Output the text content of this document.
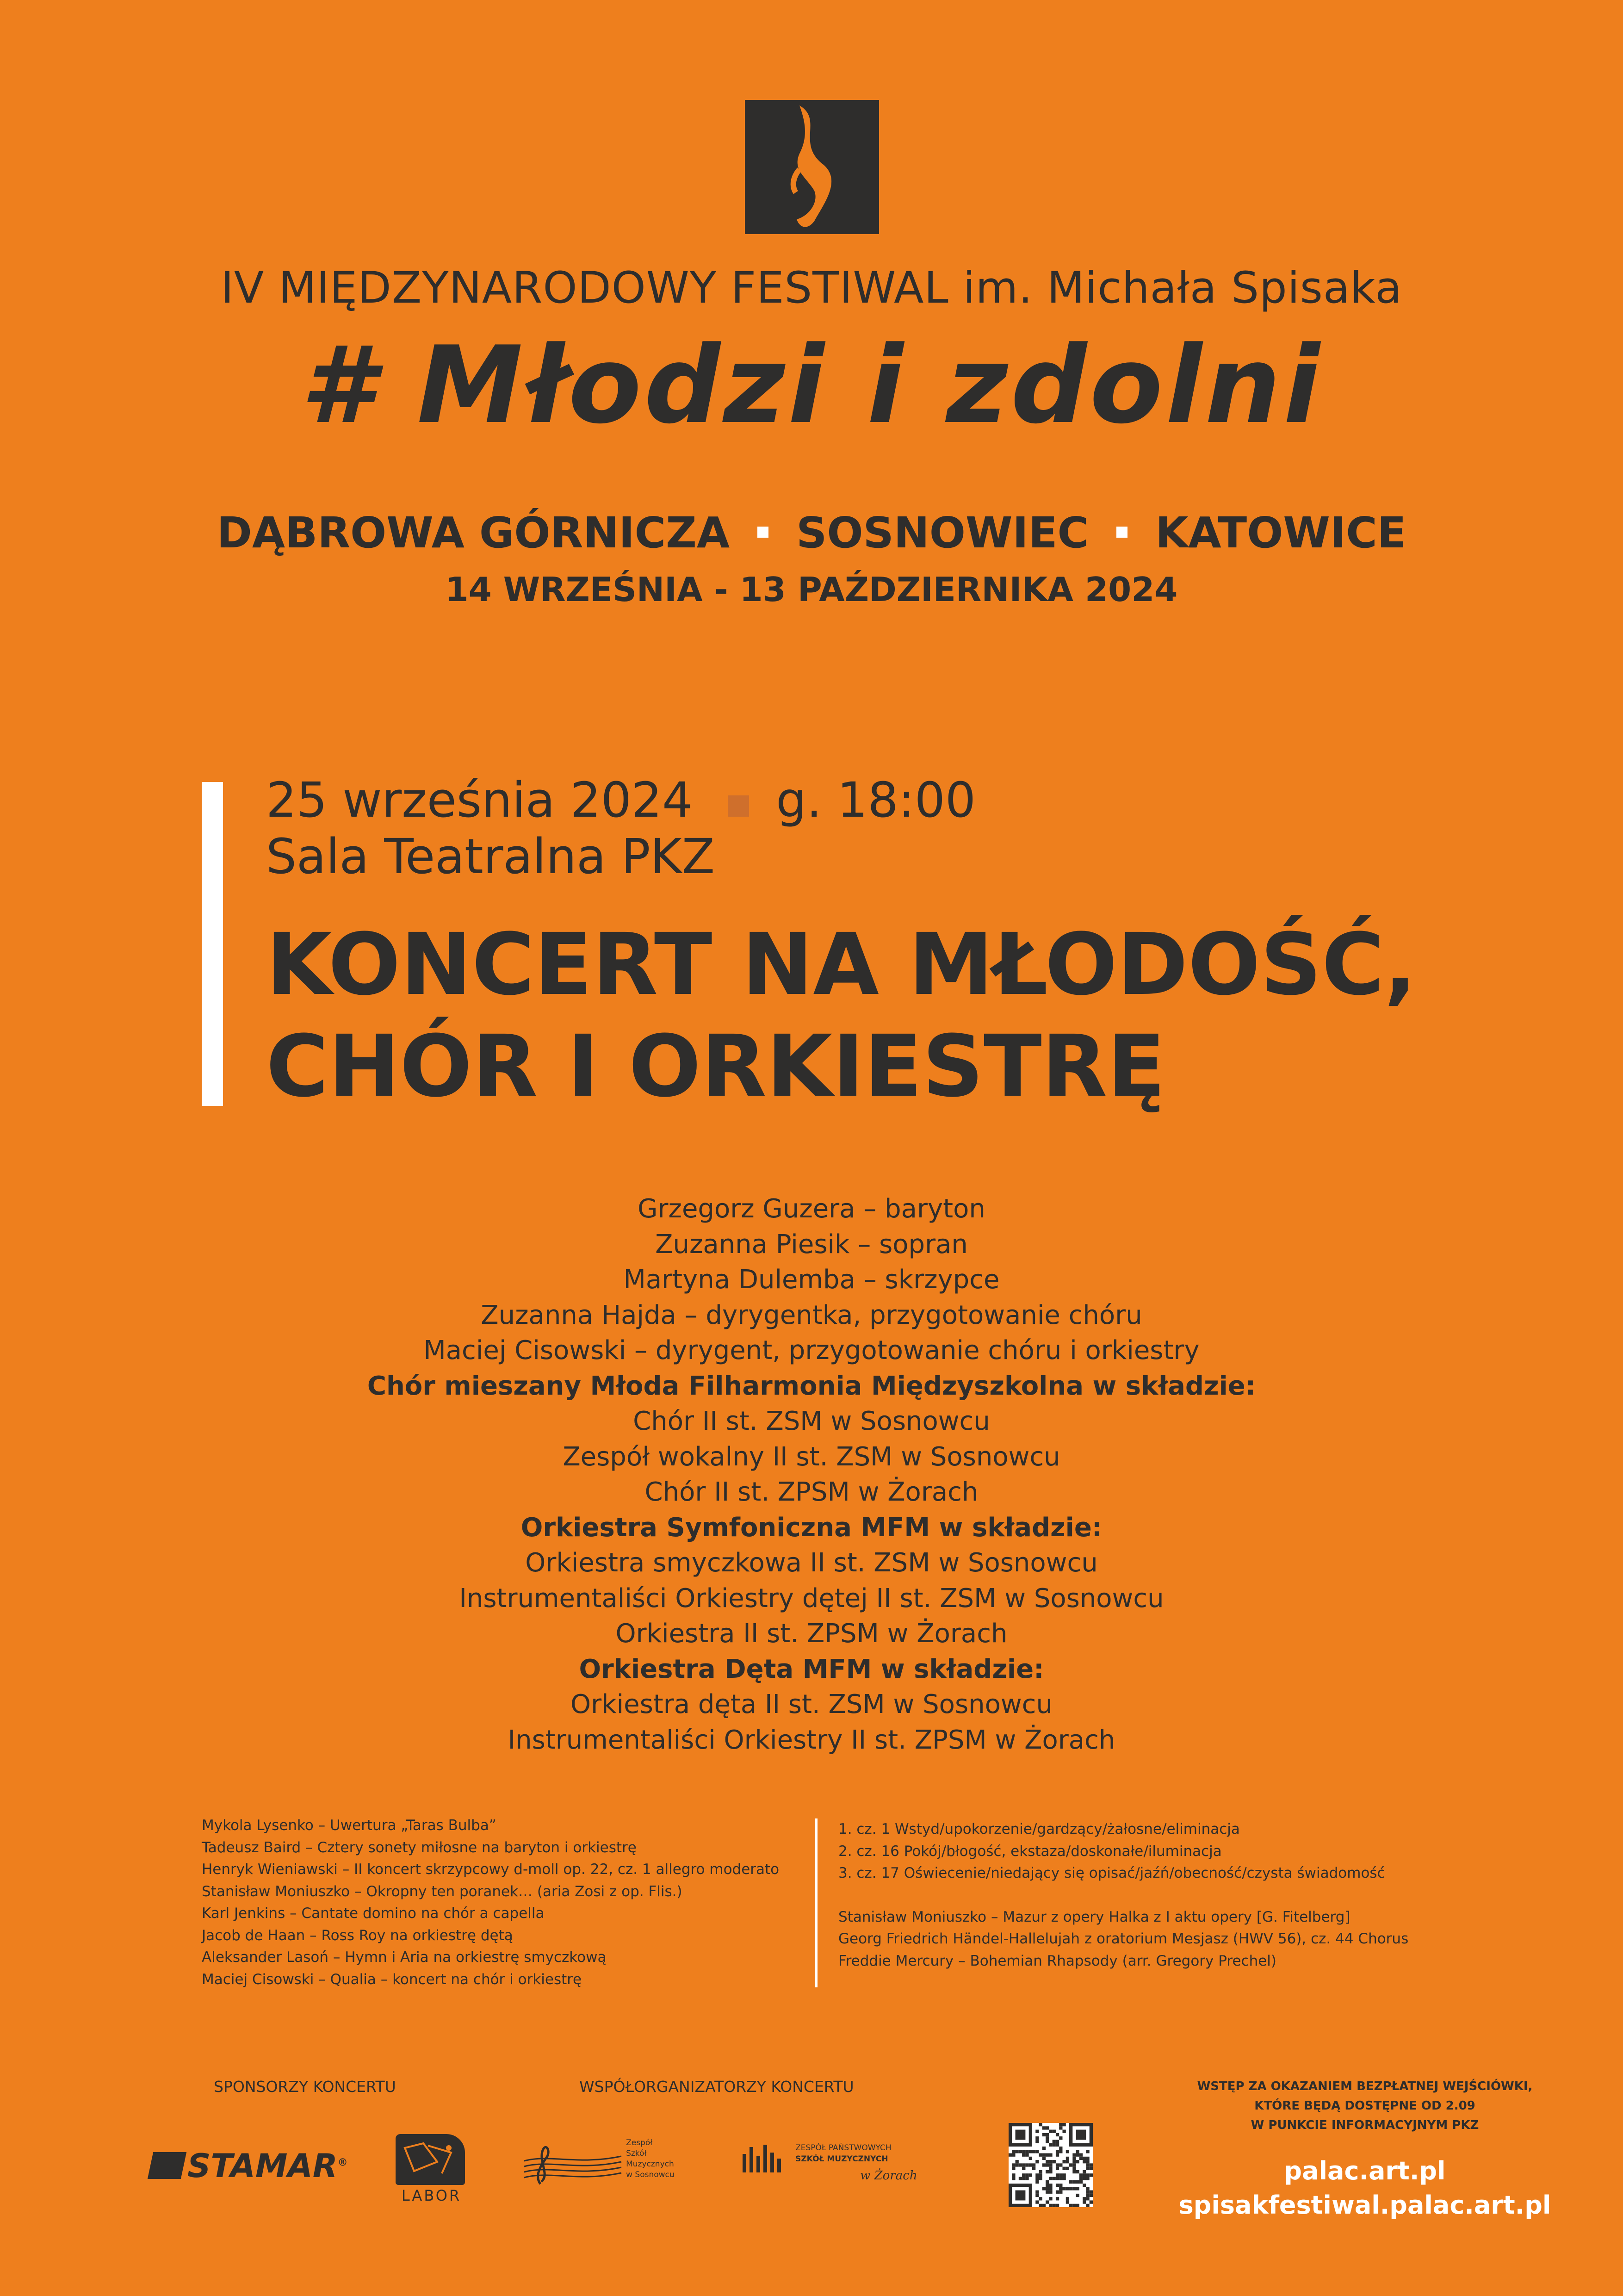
IV MIĘDZYNARODOWY FESTIWAL im. Michała Spisaka
# Młodzi i zdolni
DĄBROWA GÓRNICZA SOSNOWIEC KATOWICE
14 WRZEŚNIA - 13 PAŹDZIERNIKA 2024
25 września 2024 g. 18:00
Sala Teatralna PKZ
KONCERT NA MŁODOŚĆ,
CHÓR I ORKIESTRĘ
Grzegorz Guzera – baryton
Zuzanna Piesik – sopran
Martyna Dulemba – skrzypce
Zuzanna Hajda – dyrygentka, przygotowanie chóru
Maciej Cisowski – dyrygent, przygotowanie chóru i orkiestry
Chór mieszany Młoda Filharmonia Międzyszkolna w składzie:
Chór II st. ZSM w Sosnowcu
Zespół wokalny II st. ZSM w Sosnowcu
Chór II st. ZPSM w Żorach
Orkiestra Symfoniczna MFM w składzie:
Orkiestra smyczkowa II st. ZSM w Sosnowcu
Instrumentaliści Orkiestry dętej II st. ZSM w Sosnowcu
Orkiestra II st. ZPSM w Żorach
Orkiestra Dęta MFM w składzie:
Orkiestra dęta II st. ZSM w Sosnowcu
Instrumentaliści Orkiestry II st. ZPSM w Żorach
Mykola Lysenko – Uwertura „Taras Bulba”
Tadeusz Baird – Cztery sonety miłosne na baryton i orkiestrę
Henryk Wieniawski – II koncert skrzypcowy d-moll op. 22, cz. 1 allegro moderato
Stanisław Moniuszko – Okropny ten poranek… (aria Zosi z op. Flis.)
Karl Jenkins – Cantate domino na chór a capella
Jacob de Haan – Ross Roy na orkiestrę dętą
Aleksander Lasoń – Hymn i Aria na orkiestrę smyczkową
Maciej Cisowski – Qualia – koncert na chór i orkiestrę
1. cz. 1 Wstyd/upokorzenie/gardzący/żałosne/eliminacja
2. cz. 16 Pokój/błogość, ekstaza/doskonałe/iluminacja
3. cz. 17 Oświecenie/niedający się opisać/jaźń/obecność/czysta świadomość
Stanisław Moniuszko – Mazur z opery Halka z I aktu opery [G. Fitelberg]
Georg Friedrich Händel-Hallelujah z oratorium Mesjasz (HWV 56), cz. 44 Chorus
Freddie Mercury – Bohemian Rhapsody (arr. Gregory Prechel)
SPONSORZY KONCERTU	WSPÓŁORGANIZATORZY KONCERTU	WSTĘP ZA OKAZANIEM BEZPŁATNEJ WEJŚCIÓWKI,
KTÓRE BĘDĄ DOSTĘPNE OD 2.09
W PUNKCIE INFORMACYJNYM PKZ
STAMAR®
LABOR

Zespół
Szkół
Muzycznych
w Sosnowcu

ZESPÓŁ PAŃSTWOWYCH
SZKÓŁ MUZYCZNYCH
w Żorach	palac.art.pl
spisakfestiwal.palac.art.pl
